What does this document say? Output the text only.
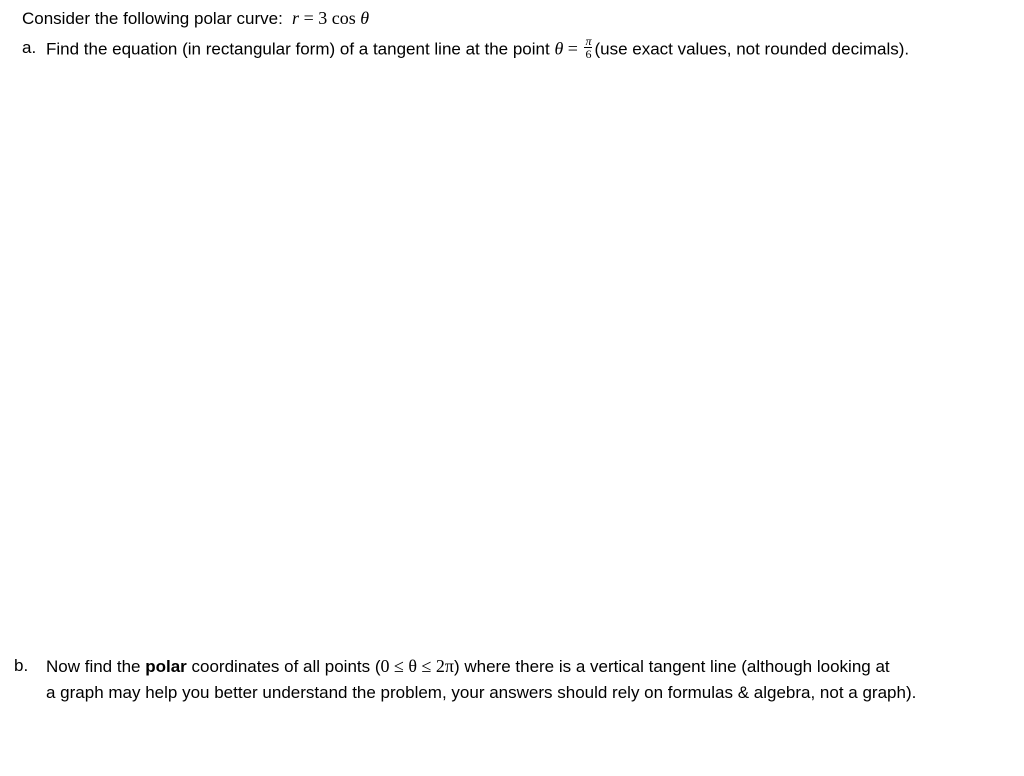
Consider the following polar curve: r = 3 cos θ
a. Find the equation (in rectangular form) of a tangent line at the point $\theta = \frac{\pi}{6} (use$ exact values, not rounded decimals).
b. Now find the polar coordinates of all points (0 ≤ θ ≤ 2π) where there is a vertical tangent line (although looking at
a graph may help you better understand the problem, your answers should rely on formulas & algebra, not a graph).
